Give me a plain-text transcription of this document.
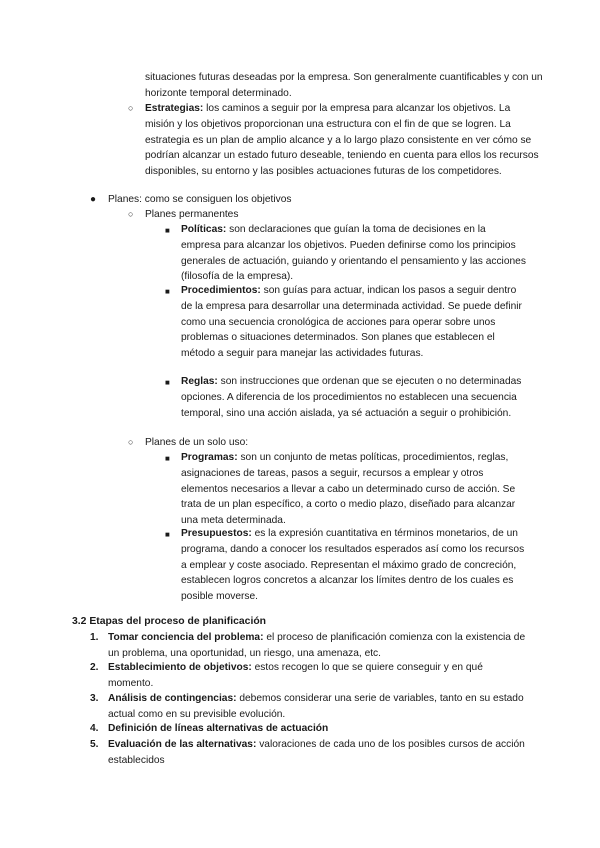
situaciones futuras deseadas por la empresa. Son generalmente cuantificables y con un horizonte temporal determinado.

○ Estrategias: los caminos a seguir por la empresa para alcanzar los objetivos. La misión y los objetivos proporcionan una estructura con el fin de que se logren. La estrategia es un plan de amplio alcance y a lo largo plazo consistente en ver cómo se podrían alcanzar un estado futuro deseable, teniendo en cuenta para ellos los recursos disponibles, su entorno y las posibles actuaciones futuras de los competidores.

● Planes: como se consiguen los objetivos

○ Planes permanentes

■ Políticas: son declaraciones que guían la toma de decisiones en la empresa para alcanzar los objetivos. Pueden definirse como los principios generales de actuación, guiando y orientando el pensamiento y las acciones (filosofía de la empresa).

■ Procedimientos: son guías para actuar, indican los pasos a seguir dentro de la empresa para desarrollar una determinada actividad. Se puede definir como una secuencia cronológica de acciones para operar sobre unos problemas o situaciones determinados. Son planes que establecen el método a seguir para manejar las actividades futuras.

■ Reglas: son instrucciones que ordenan que se ejecuten o no determinadas opciones. A diferencia de los procedimientos no establecen una secuencia temporal, sino una acción aislada, ya sé actuación a seguir o prohibición.

○ Planes de un solo uso:

■ Programas: son un conjunto de metas políticas, procedimientos, reglas, asignaciones de tareas, pasos a seguir, recursos a emplear y otros elementos necesarios a llevar a cabo un determinado curso de acción. Se trata de un plan específico, a corto o medio plazo, diseñado para alcanzar una meta determinada.

■ Presupuestos: es la expresión cuantitativa en términos monetarios, de un programa, dando a conocer los resultados esperados así como los recursos a emplear y coste asociado. Representan el máximo grado de concreción, establecen logros concretos a alcanzar los límites dentro de los cuales es posible moverse.

3.2 Etapas del proceso de planificación
1. Tomar conciencia del problema: el proceso de planificación comienza con la existencia de un problema, una oportunidad, un riesgo, una amenaza, etc.

2. Establecimiento de objetivos: estos recogen lo que se quiere conseguir y en qué momento.

3. Análisis de contingencias: debemos considerar una serie de variables, tanto en su estado actual como en su previsible evolución.

4. Definición de líneas alternativas de actuación

5. Evaluación de las alternativas: valoraciones de cada uno de los posibles cursos de acción establecidos
